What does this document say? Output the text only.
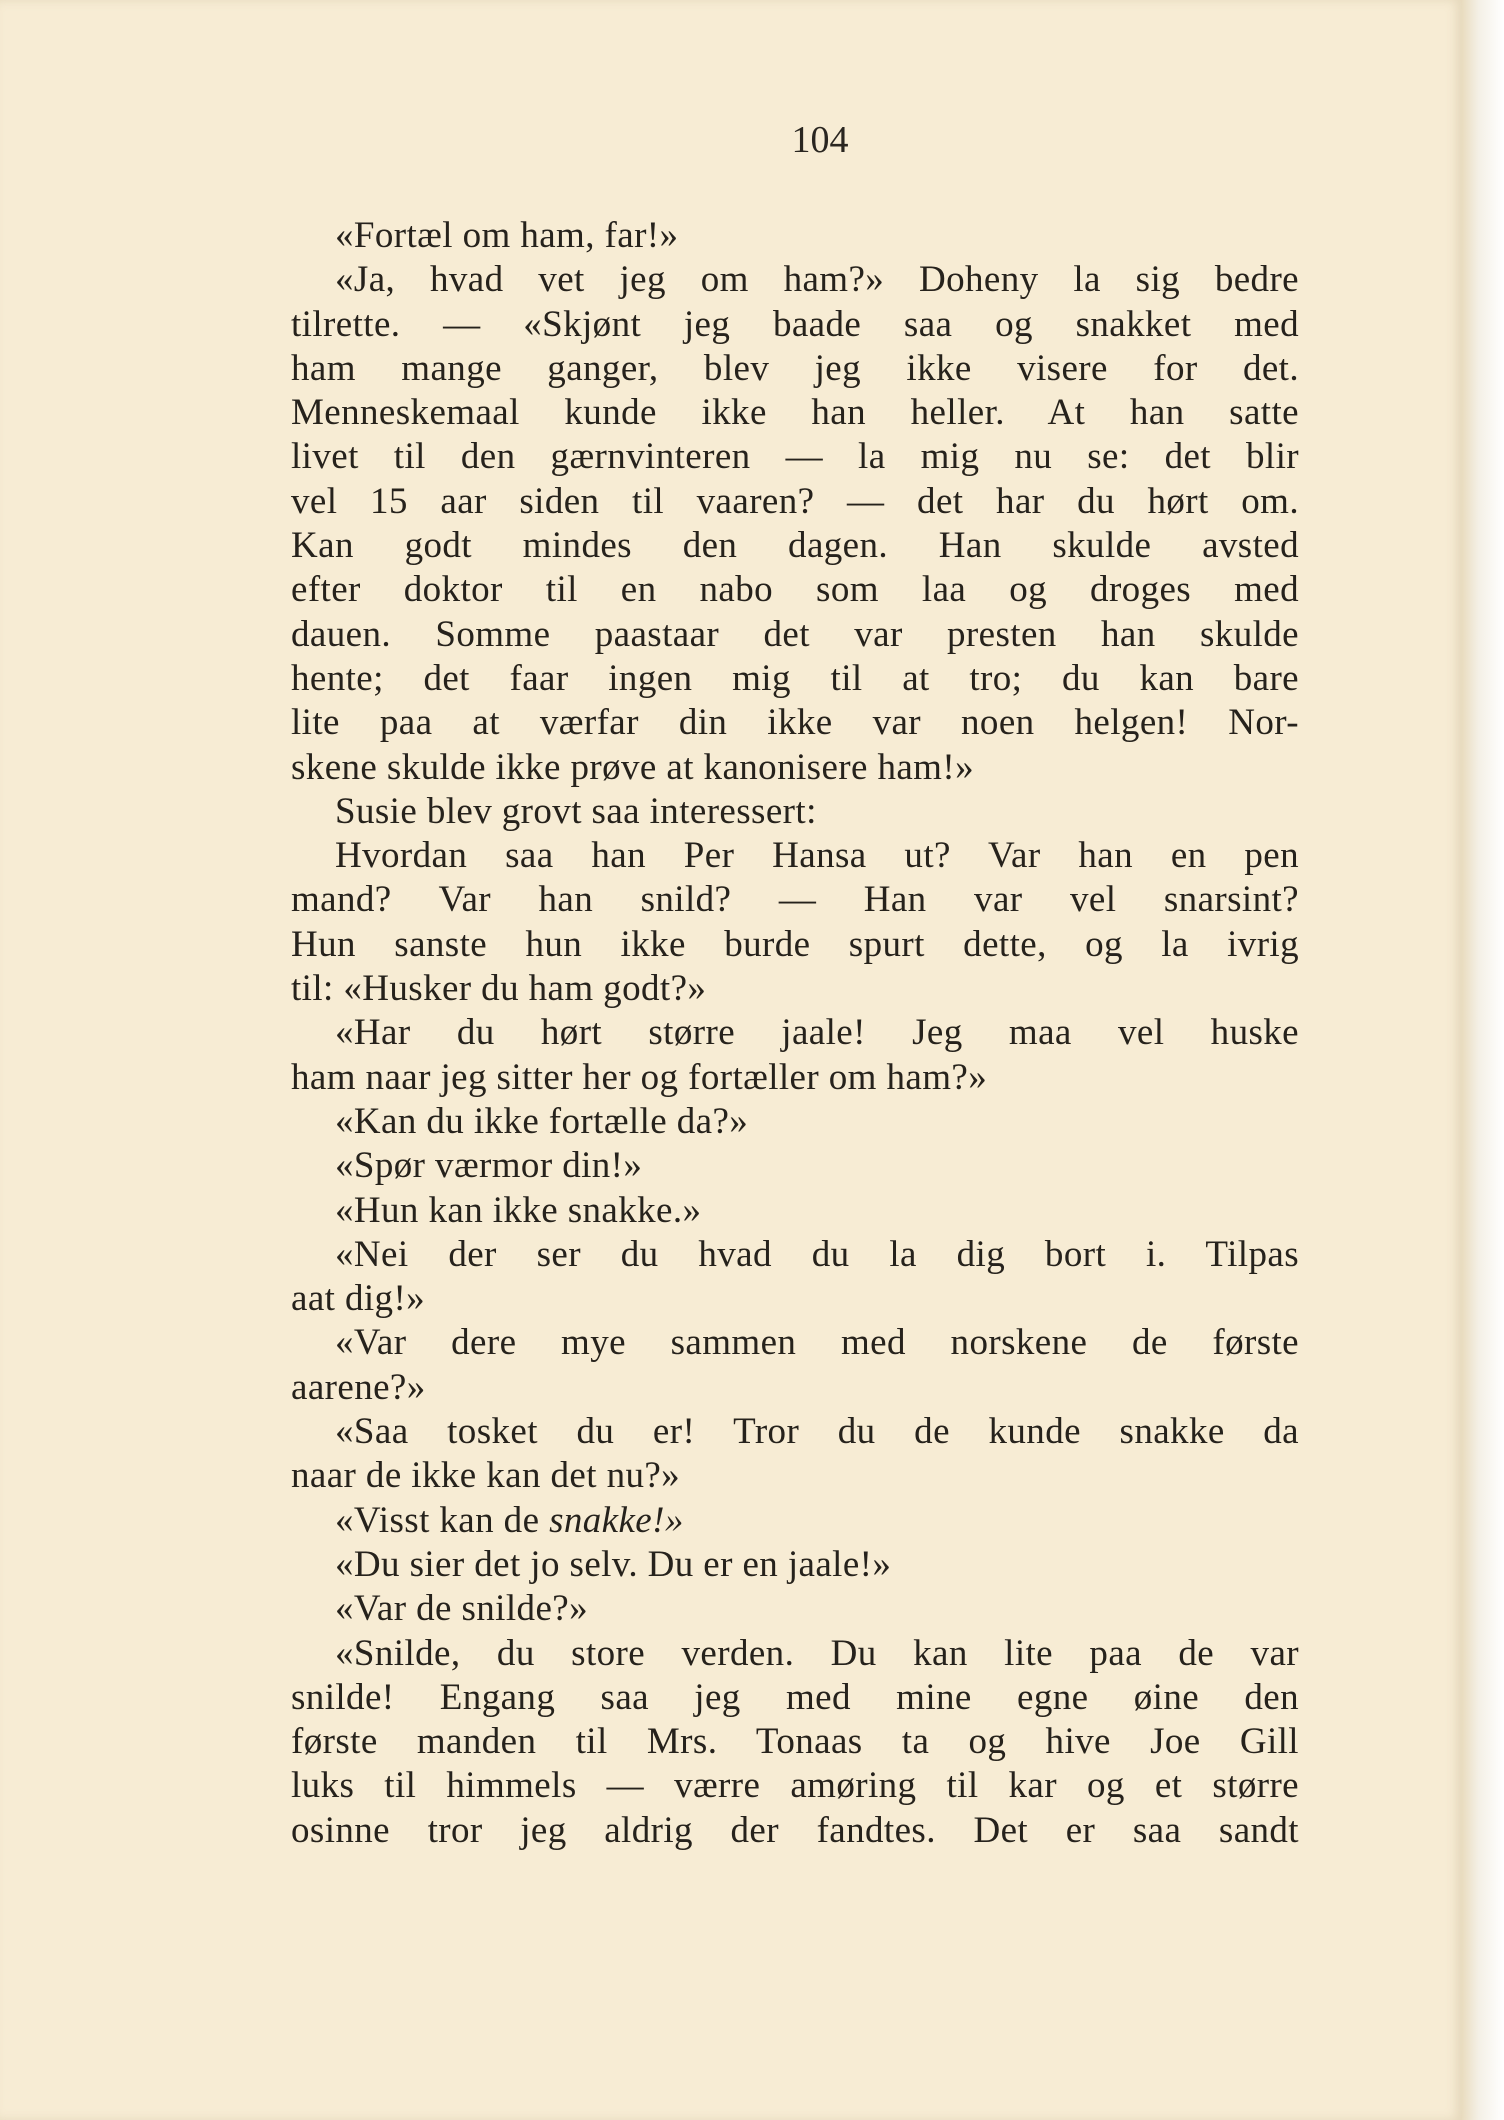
104

«Fortæl om ham, far!»
«Ja, hvad vet jeg om ham?» Doheny la sig bedre
tilrette. — «Skjønt jeg baade saa og snakket med
ham mange ganger, blev jeg ikke visere for det.
Menneskemaal kunde ikke han heller. At han satte
livet til den gærnvinteren — la mig nu se: det blir
vel 15 aar siden til vaaren? — det har du hørt om.
Kan godt mindes den dagen. Han skulde avsted
efter doktor til en nabo som laa og droges med
dauen. Somme paastaar det var presten han skulde
hente; det faar ingen mig til at tro; du kan bare
lite paa at værfar din ikke var noen helgen! Nor-
skene skulde ikke prøve at kanonisere ham!»
Susie blev grovt saa interessert:
Hvordan saa han Per Hansa ut? Var han en pen
mand? Var han snild? — Han var vel snarsint?
Hun sanste hun ikke burde spurt dette, og la ivrig
til: «Husker du ham godt?»
«Har du hørt større jaale! Jeg maa vel huske
ham naar jeg sitter her og fortæller om ham?»
«Kan du ikke fortælle da?»
«Spør værmor din!»
«Hun kan ikke snakke.»
«Nei der ser du hvad du la dig bort i. Tilpas
aat dig!»
«Var dere mye sammen med norskene de første
aarene?»
«Saa tosket du er! Tror du de kunde snakke da
naar de ikke kan det nu?»
«Visst kan de snakke!»
«Du sier det jo selv. Du er en jaale!»
«Var de snilde?»
«Snilde, du store verden. Du kan lite paa de var
snilde! Engang saa jeg med mine egne øine den
første manden til Mrs. Tonaas ta og hive Joe Gill
luks til himmels — værre amøring til kar og et større
osinne tror jeg aldrig der fandtes. Det er saa sandt
